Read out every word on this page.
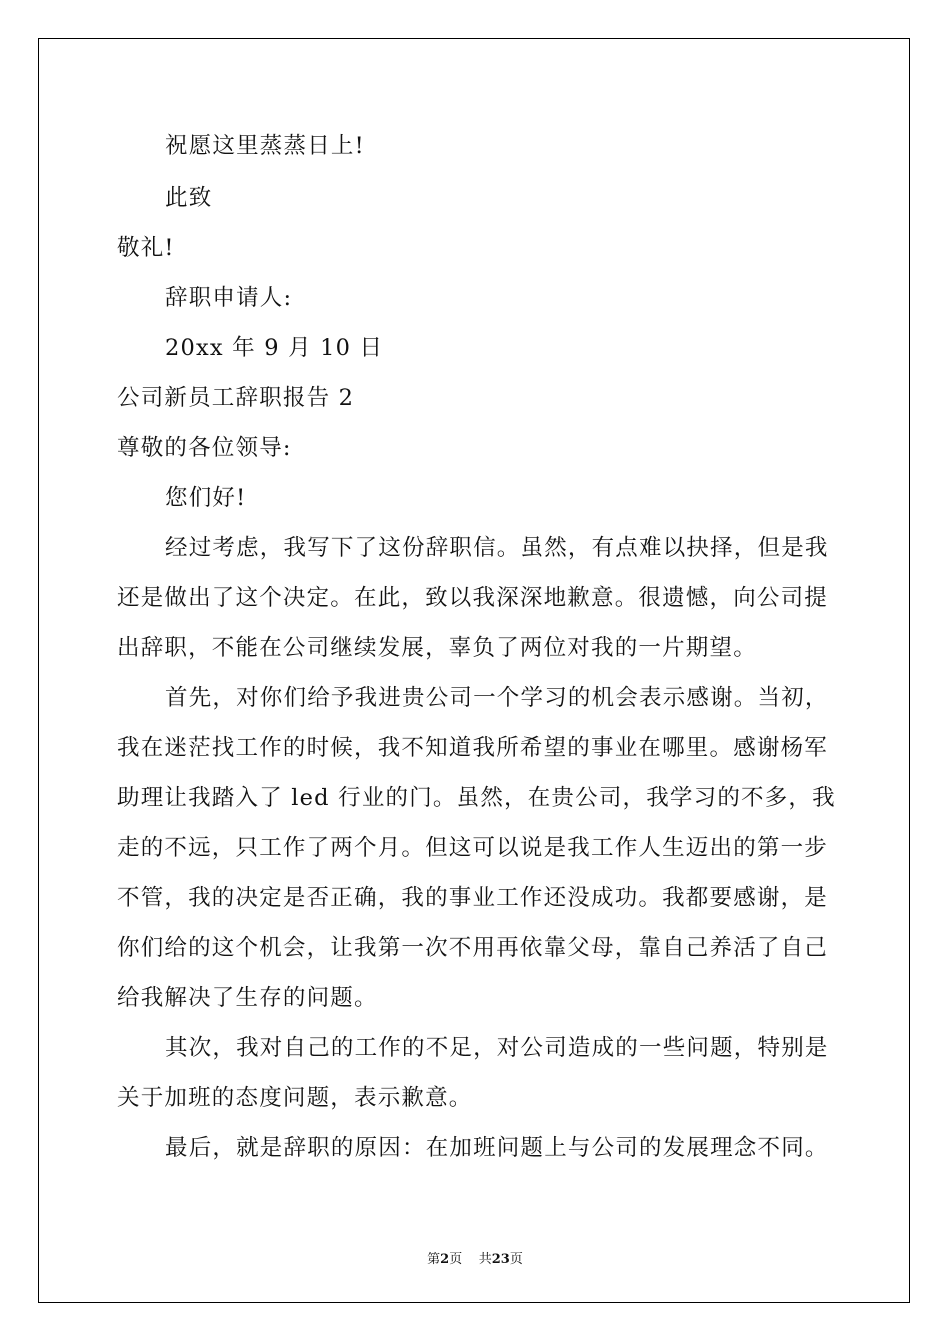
祝愿这里蒸蒸日上!
此致
敬礼!
辞职申请人:
20xx 年 9 月 10 日
公司新员工辞职报告 2
尊敬的各位领导:
您们好!
经过考虑，我写下了这份辞职信。虽然，有点难以抉择，但是我
还是做出了这个决定。在此，致以我深深地歉意。很遗憾，向公司提
出辞职，不能在公司继续发展，辜负了两位对我的一片期望。
首先，对你们给予我进贵公司一个学习的机会表示感谢。当初，
我在迷茫找工作的时候，我不知道我所希望的事业在哪里。感谢杨军
助理让我踏入了 led 行业的门。虽然，在贵公司，我学习的不多，我
走的不远，只工作了两个月。但这可以说是我工作人生迈出的第一步
不管，我的决定是否正确，我的事业工作还没成功。我都要感谢，是
你们给的这个机会，让我第一次不用再依靠父母，靠自己养活了自己
给我解决了生存的问题。
其次，我对自己的工作的不足，对公司造成的一些问题，特别是
关于加班的态度问题，表示歉意。
最后，就是辞职的原因：在加班问题上与公司的发展理念不同。
第2页 共23页
